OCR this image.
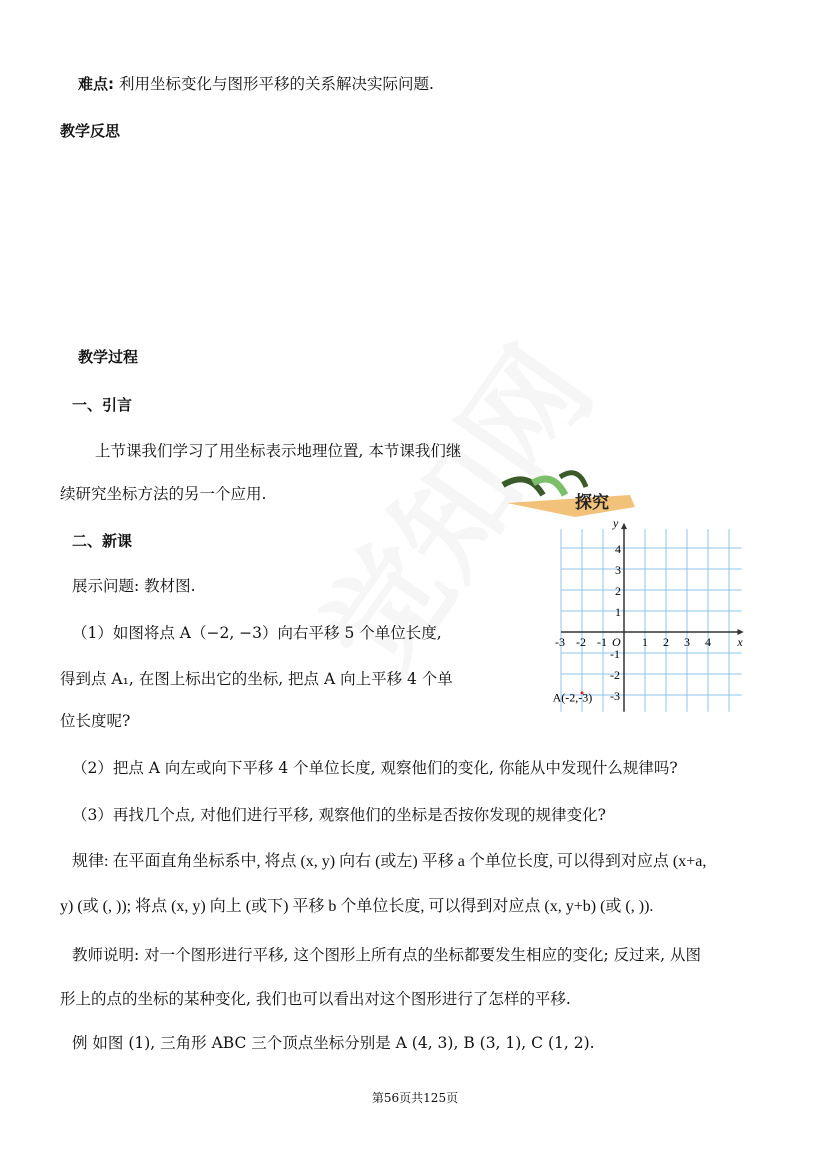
难点: 利用坐标变化与图形平移的关系解决实际问题.
教学反思
教学过程
一、引言
上节课我们学习了用坐标表示地理位置, 本节课我们继
续研究坐标方法的另一个应用.
二、新课
展示问题: 教材图.
（1）如图将点 A（−2, −3）向右平移 5 个单位长度,
得到点 A₁, 在图上标出它的坐标, 把点 A 向上平移 4 个单
位长度呢?
（2）把点 A 向左或向下平移 4 个单位长度, 观察他们的变化, 你能从中发现什么规律吗?
（3）再找几个点, 对他们进行平移, 观察他们的坐标是否按你发现的规律变化?
规律: 在平面直角坐标系中, 将点 (x, y) 向右 (或左) 平移 a 个单位长度, 可以得到对应点 (x+a,
y) (或 (, )); 将点 (x, y) 向上 (或下) 平移 b 个单位长度, 可以得到对应点 (x, y+b) (或 (, )).
教师说明: 对一个图形进行平移, 这个图形上所有点的坐标都要发生相应的变化; 反过来, 从图
形上的点的坐标的某种变化, 我们也可以看出对这个图形进行了怎样的平移.
例 如图 (1), 三角形 ABC 三个顶点坐标分别是 A (4, 3), B (3, 1), C (1, 2).
探究
-3 -2 -1	1 2 3 4
4
3
2
1
-1
-2
-3
O	x
y
A(-2,-3)
第56页共125页
